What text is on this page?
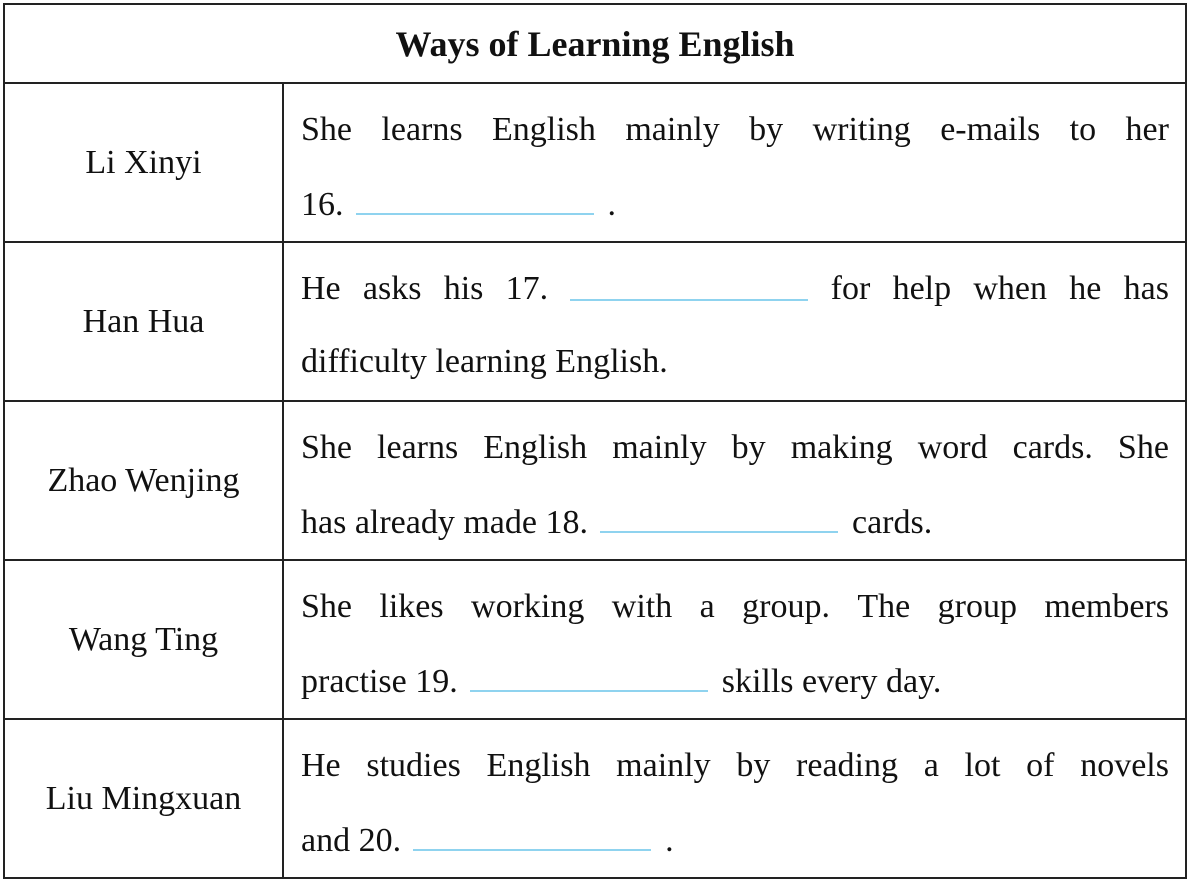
Ways of Learning English
Li Xinyi
She learns English mainly by writing e-mails to her
16.	.
Han Hua
He asks his 17.	for help when he has
difficulty learning English.
Zhao Wenjing
She learns English mainly by making word cards. She
has already made 18.	cards.
Wang Ting
She likes working with a group. The group members
practise 19.	skills every day.
Liu Mingxuan
He studies English mainly by reading a lot of novels
and 20.	.
